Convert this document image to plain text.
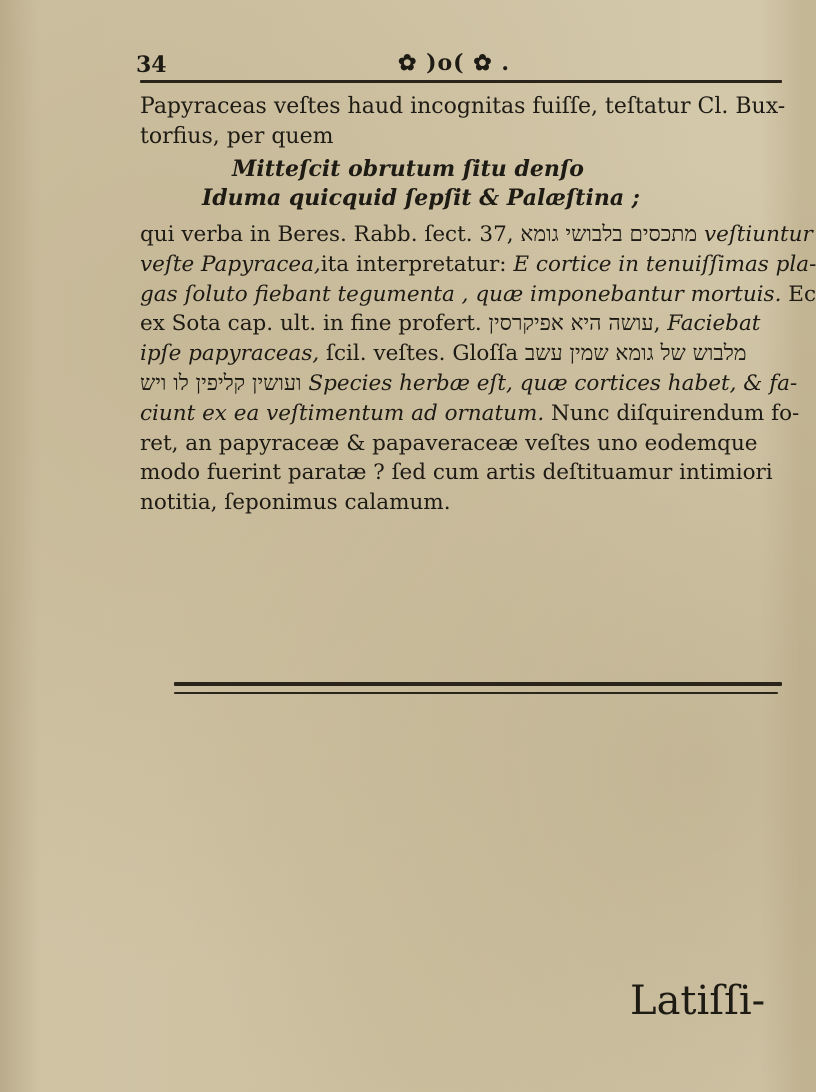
34	✿ )o( ✿ .
Papyraceas veſtes haud incognitas fuiſſe, teſtatur Cl. Bux-
torfius, per quem
Mitteſcit obrutum ſitu denſo
Iduma quicquid ſepſit & Palæſtina ;
qui verba in Beres. Rabb. ſect. 37, מתכסים בלבושי גומא veſtiuntur
veſte Papyracea,ita interpretatur: E cortice in tenuiſſimas pla-
gas ſoluto fiebant tegumenta , quæ imponebantur mortuis. Ec
ex Sota cap. ult. in fine profert. עושה היא אפיקרסין, Faciebat
ipſe papyraceas, ſcil. veſtes. Gloſſa מלבוש של גומא שמין עשב
ועושין קליפין לו ויש Species herbæ eſt, quæ cortices habet, & fa-
ciunt ex ea veſtimentum ad ornatum. Nunc diſquirendum fo-
ret, an papyraceæ & papaveraceæ veſtes uno eodemque
modo fuerint paratæ ? ſed cum artis deſtituamur intimiori
notitia, ſeponimus calamum.
Latiſſi-
